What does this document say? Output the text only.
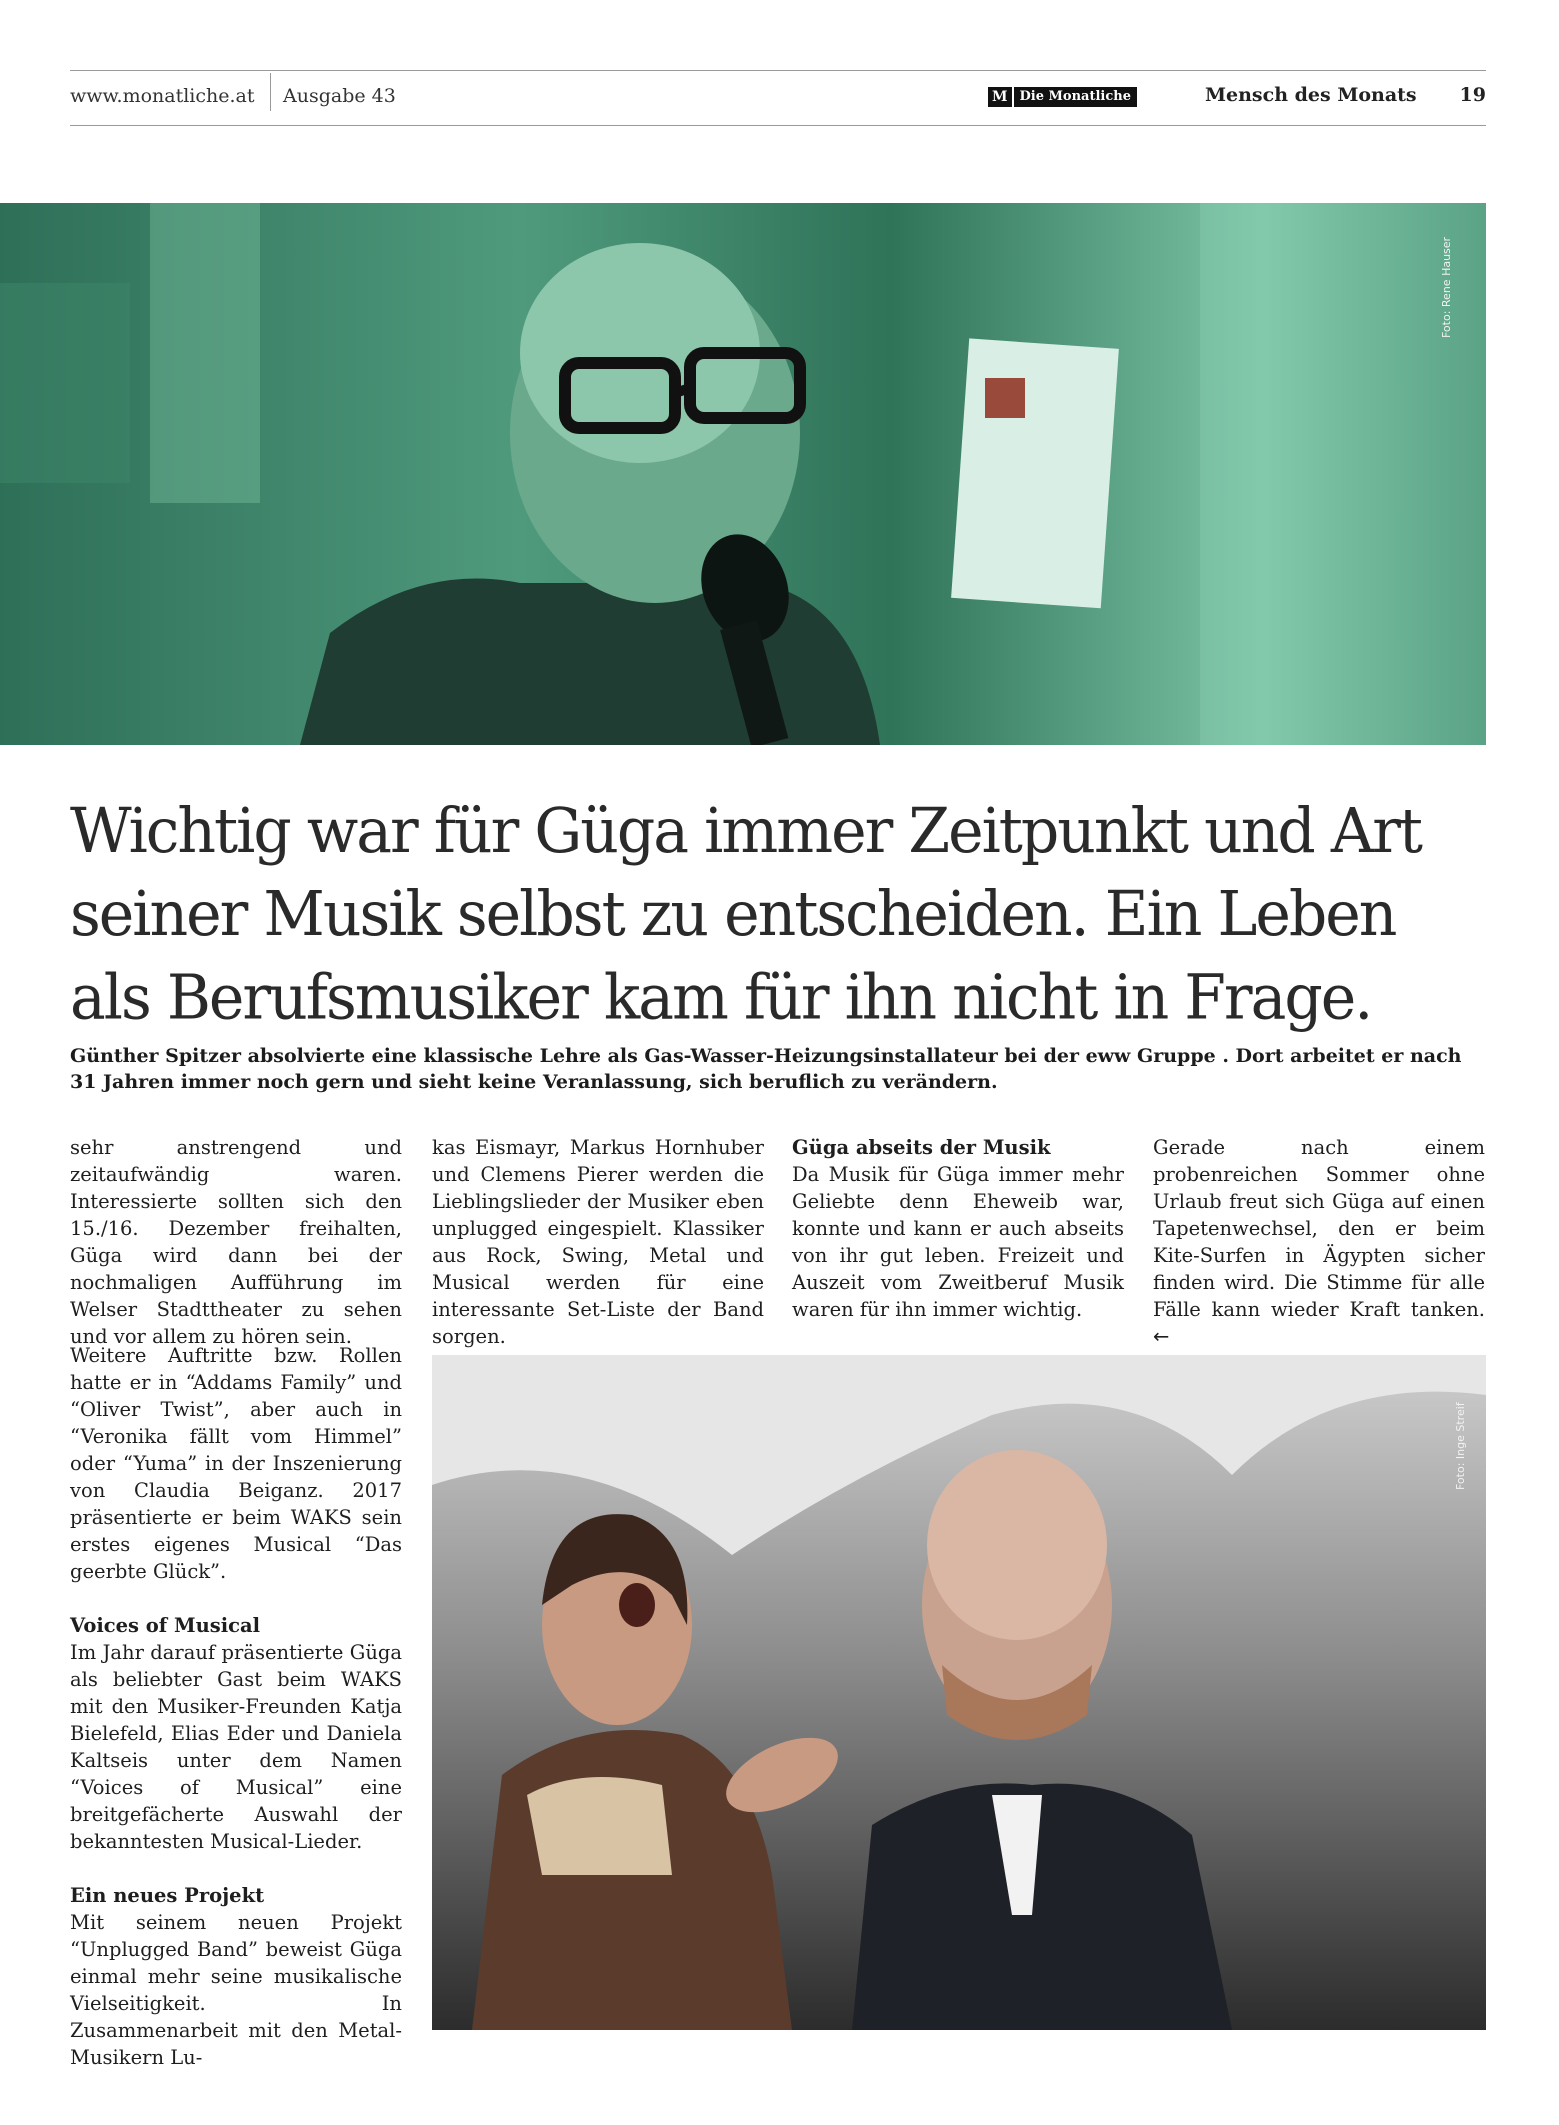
www.monatliche.at Ausgabe 43	M Die Monatliche	Mensch des Monats 19
Foto: Rene Hauser
Wichtig war für Güga immer Zeitpunkt und Art seiner Musik selbst zu entscheiden. Ein Leben als Berufsmusiker kam für ihn nicht in Frage.

Günther Spitzer absolvierte eine klassische Lehre als Gas-Wasser-Heizungsinstallateur bei der eww Gruppe . Dort arbeitet er nach 31 Jahren immer noch gern und sieht keine Veranlassung, sich beruflich zu verändern.

sehr anstrengend und zeitaufwändig waren. Interessierte sollten sich den 15./16. Dezember freihalten, Güga wird dann bei der nochmaligen Aufführung im Welser Stadttheater zu sehen und vor allem zu hören sein.

Weitere Auftritte bzw. Rollen hatte er in “Addams Family” und “Oliver Twist”, aber auch in “Veronika fällt vom Himmel” oder “Yuma” in der Inszenierung von Claudia Beiganz. 2017 präsentierte er beim WAKS sein erstes eigenes Musical “Das geerbte Glück”.

Voices of Musical

Im Jahr darauf präsentierte Güga als beliebter Gast beim WAKS mit den Musiker-Freunden Katja Bielefeld, Elias Eder und Daniela Kaltseis unter dem Namen “Voices of Musical” eine breitgefächerte Auswahl der bekanntesten Musical-Lieder.

Ein neues Projekt

Mit seinem neuen Projekt “Unplugged Band” beweist Güga einmal mehr seine musikalische Vielseitigkeit. In Zusammenarbeit mit den Metal-Musikern Lu-

kas Eismayr, Markus Hornhuber und Clemens Pierer werden die Lieblingslieder der Musiker eben unplugged eingespielt. Klassiker aus Rock, Swing, Metal und Musical werden für eine interessante Set-Liste der Band sorgen.

Güga abseits der Musik

Da Musik für Güga immer mehr Geliebte denn Eheweib war, konnte und kann er auch abseits von ihr gut leben. Freizeit und Auszeit vom Zweitberuf Musik waren für ihn immer wichtig.

Gerade nach einem probenreichen Sommer ohne Urlaub freut sich Güga auf einen Tapetenwechsel, den er beim Kite-Surfen in Ägypten sicher finden wird. Die Stimme für alle Fälle kann wieder Kraft tanken. ←

Foto: Inge Streif
